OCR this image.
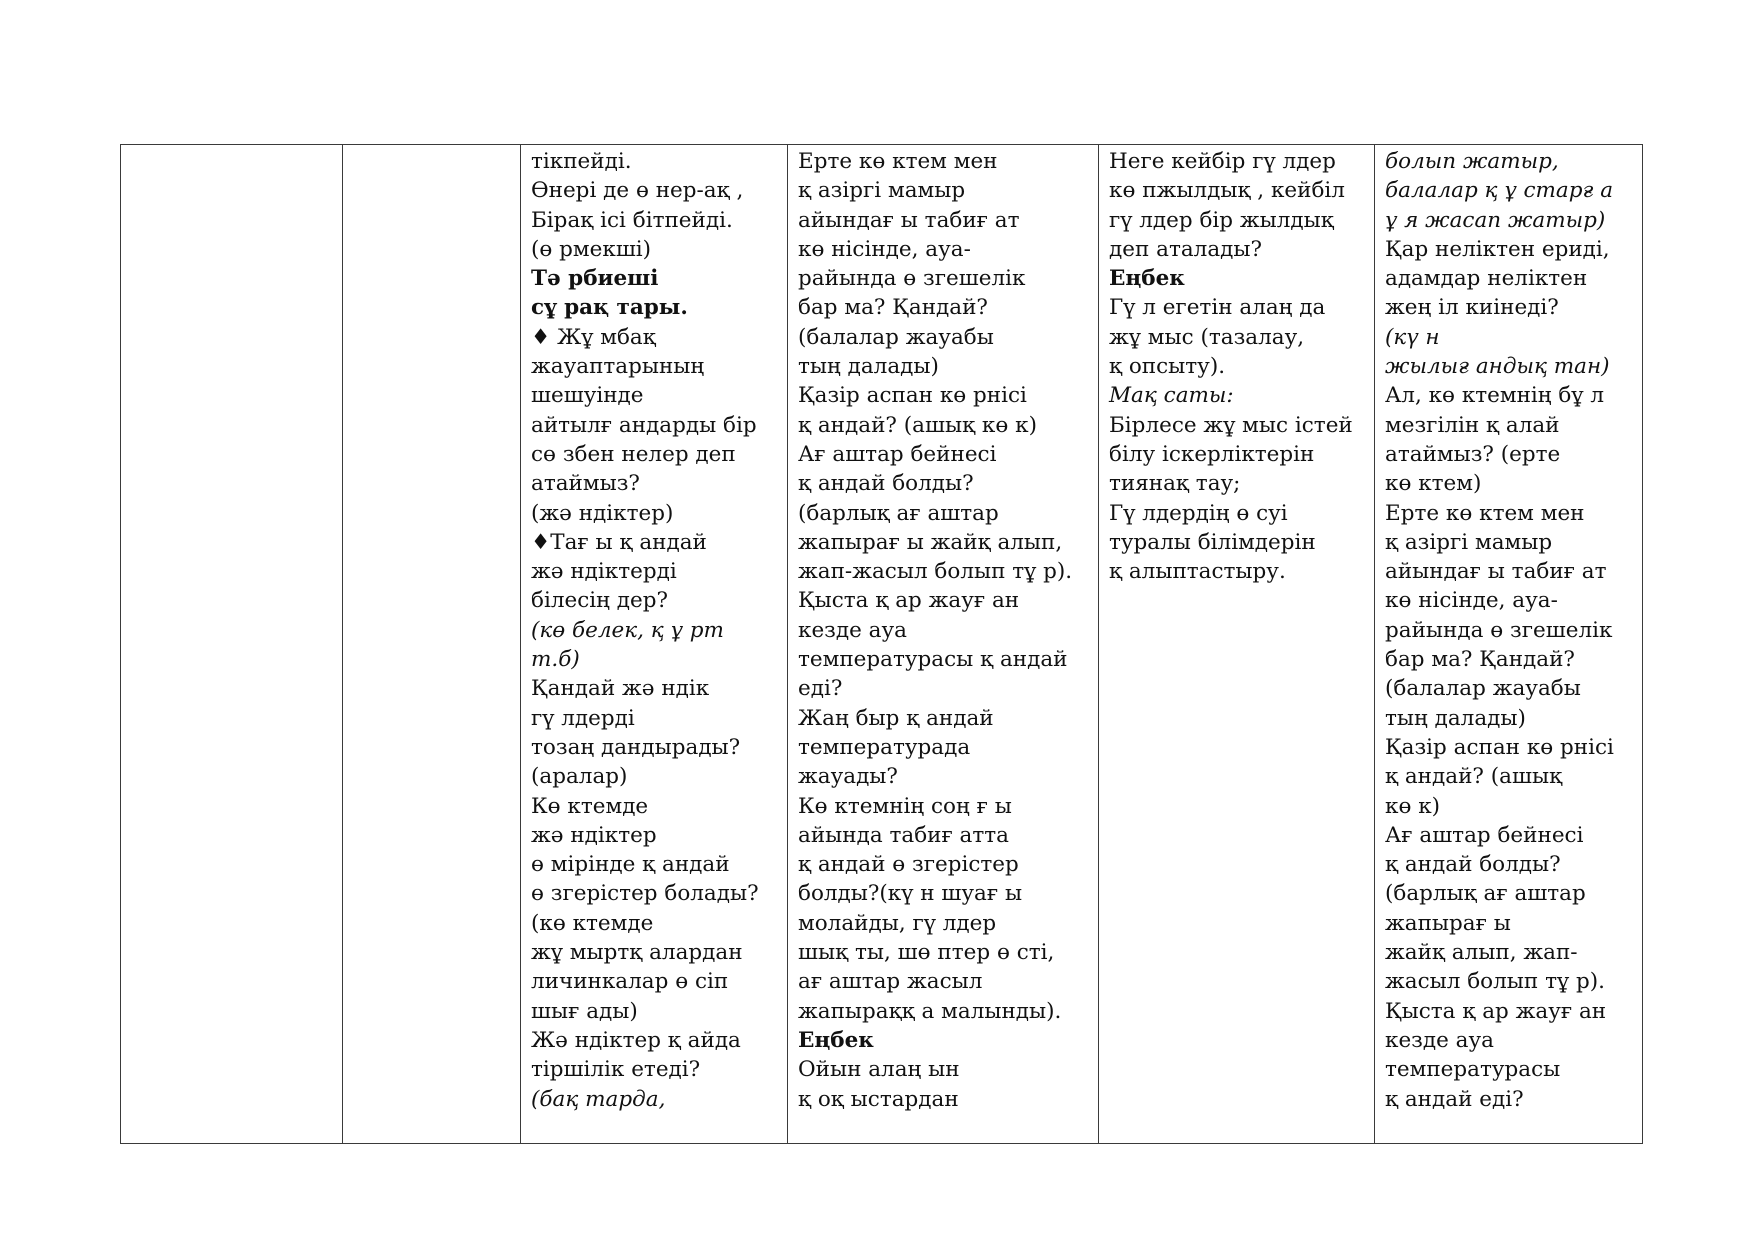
тікпейді.
Өнері де ө нер-ақ ,
Бірақ ісі бітпейді.
(ө рмекші)
Тә рбиеші
сұ рақ тары.
♦ Жұ мбақ
жауаптарының
шешуінде
айтылғ андарды бір
сө збен нелер деп
атаймыз?
(жә ндіктер)
♦Тағ ы қ андай
жә ндіктерді
білесің дер?
(кө белек, қ ұ рт
т.б)
Қандай жә ндік
гү лдерді
тозаң дандырады?
(аралар)
Кө ктемде
жә ндіктер
ө мірінде қ андай
ө згерістер болады?
(кө ктемде
жұ мыртқ алардан
личинкалар ө сіп
шығ ады)
Жә ндіктер қ айда
тіршілік етеді?
(бақ тарда,

Ерте кө ктем мен
қ азіргі мамыр
айындағ ы табиғ ат
кө нісінде, ауа-
райында ө згешелік
бар ма? Қандай?
(балалар жауабы
тың далады)
Қазір аспан кө рнісі
қ андай? (ашық кө к)
Ағ аштар бейнесі
қ андай болды?
(барлық ағ аштар
жапырағ ы жайқ алып,
жап-жасыл болып тұ р).
Қыста қ ар жауғ ан
кезде ауа
температурасы қ андай
еді?
Жаң быр қ андай
температурада
жауады?
Кө ктемнің соң ғ ы
айында табиғ атта
қ андай ө згерістер
болды?(кү н шуағ ы
молайды, гү лдер
шық ты, шө птер ө сті,
ағ аштар жасыл
жапыраққ а малынды).
Еңбек
Ойын алаң ын
қ оқ ыстардан

Неге кейбір гү лдер
кө пжылдық , кейбіл
гү лдер бір жылдық
деп аталады?
Еңбек
Гү л егетін алаң да
жұ мыс (тазалау,
қ опсыту).
Мақ саты:
Бірлесе жұ мыс істей
білу іскерліктерін
тиянақ тау;
Гү лдердің ө суі
туралы білімдерін
қ алыптастыру.

болып жатыр,
балалар қ ұ старғ а
ұ я жасап жатыр)
Қар неліктен ериді,
адамдар неліктен
жең іл киінеді?
(кү н
жылығ андық тан)
Ал, кө ктемнің бұ л
мезгілін қ алай
атаймыз? (ерте
кө ктем)
Ерте кө ктем мен
қ азіргі мамыр
айындағ ы табиғ ат
кө нісінде, ауа-
райында ө згешелік
бар ма? Қандай?
(балалар жауабы
тың далады)
Қазір аспан кө рнісі
қ андай? (ашық
кө к)
Ағ аштар бейнесі
қ андай болды?
(барлық ағ аштар
жапырағ ы
жайқ алып, жап-
жасыл болып тұ р).
Қыста қ ар жауғ ан
кезде ауа
температурасы
қ андай еді?
